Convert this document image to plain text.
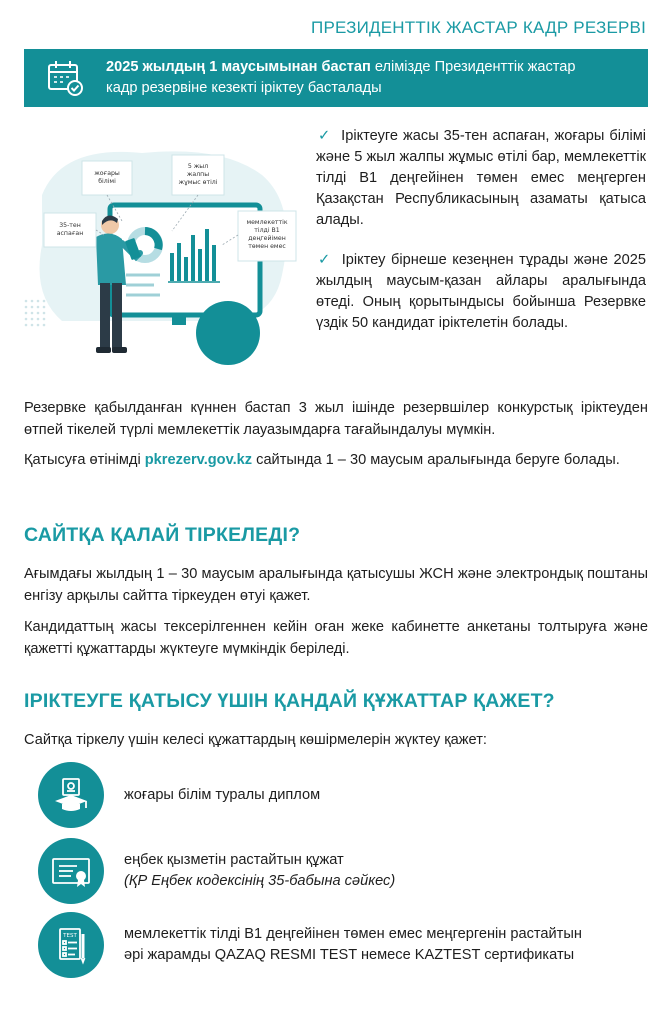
ПРЕЗИДЕНТТІК ЖАСТАР КАДР РЕЗЕРВІ
2025 жылдың 1 маусымынан бастап елімізде Президенттік жастар
кадр резервіне кезекті іріктеу басталады
жоғары
білімі
5 жыл
жалпы
жұмыс өтілі
35-тен
аспаған
мемлекеттік
тілді В1
деңгейімен
төмен емес

✓ Іріктеуге жасы 35-тен аспаған, жоғары білімі және 5 жыл жалпы жұмыс өтілі бар, мемлекеттік тілді В1 деңгейінен төмен емес меңгерген Қазақстан Республикасының азаматы қатыса алады.

✓ Іріктеу бірнеше кезеңнен тұрады және 2025 жылдың маусым-қазан айлары аралығында өтеді. Оның қорытындысы бойынша Резервке үздік 50 кандидат іріктелетін болады.

Резервке қабылданған күннен бастап 3 жыл ішінде резервшілер конкурстық іріктеуден өтпей тікелей түрлі мемлекеттік лауазымдарға тағайындалуы мүмкін.

Қатысуға өтінімді pkrezerv.gov.kz сайтында 1 – 30 маусым аралығында беруге болады.

САЙТҚА ҚАЛАЙ ТІРКЕЛЕДІ?

Ағымдағы жылдың 1 – 30 маусым аралығында қатысушы ЖСН және электрондық поштаны енгізу арқылы сайтта тіркеуден өтуі қажет.

Кандидаттың жасы тексерілгеннен кейін оған жеке кабинетте анкетаны толтыруға және қажетті құжаттарды жүктеуге мүмкіндік беріледі.

ІРІКТЕУГЕ ҚАТЫСУ ҮШІН ҚАНДАЙ ҚҰЖАТТАР ҚАЖЕТ?

Сайтқа тіркелу үшін келесі құжаттардың көшірмелерін жүктеу қажет:

жоғары білім туралы диплом
еңбек қызметін растайтын құжат
(ҚР Еңбек кодексінің 35-бабына сәйкес)
TEST	мемлекеттік тілді В1 деңгейінен төмен емес меңгергенін растайтын әрі жарамды QAZAQ RESMI TEST немесе KAZTEST сертификаты
